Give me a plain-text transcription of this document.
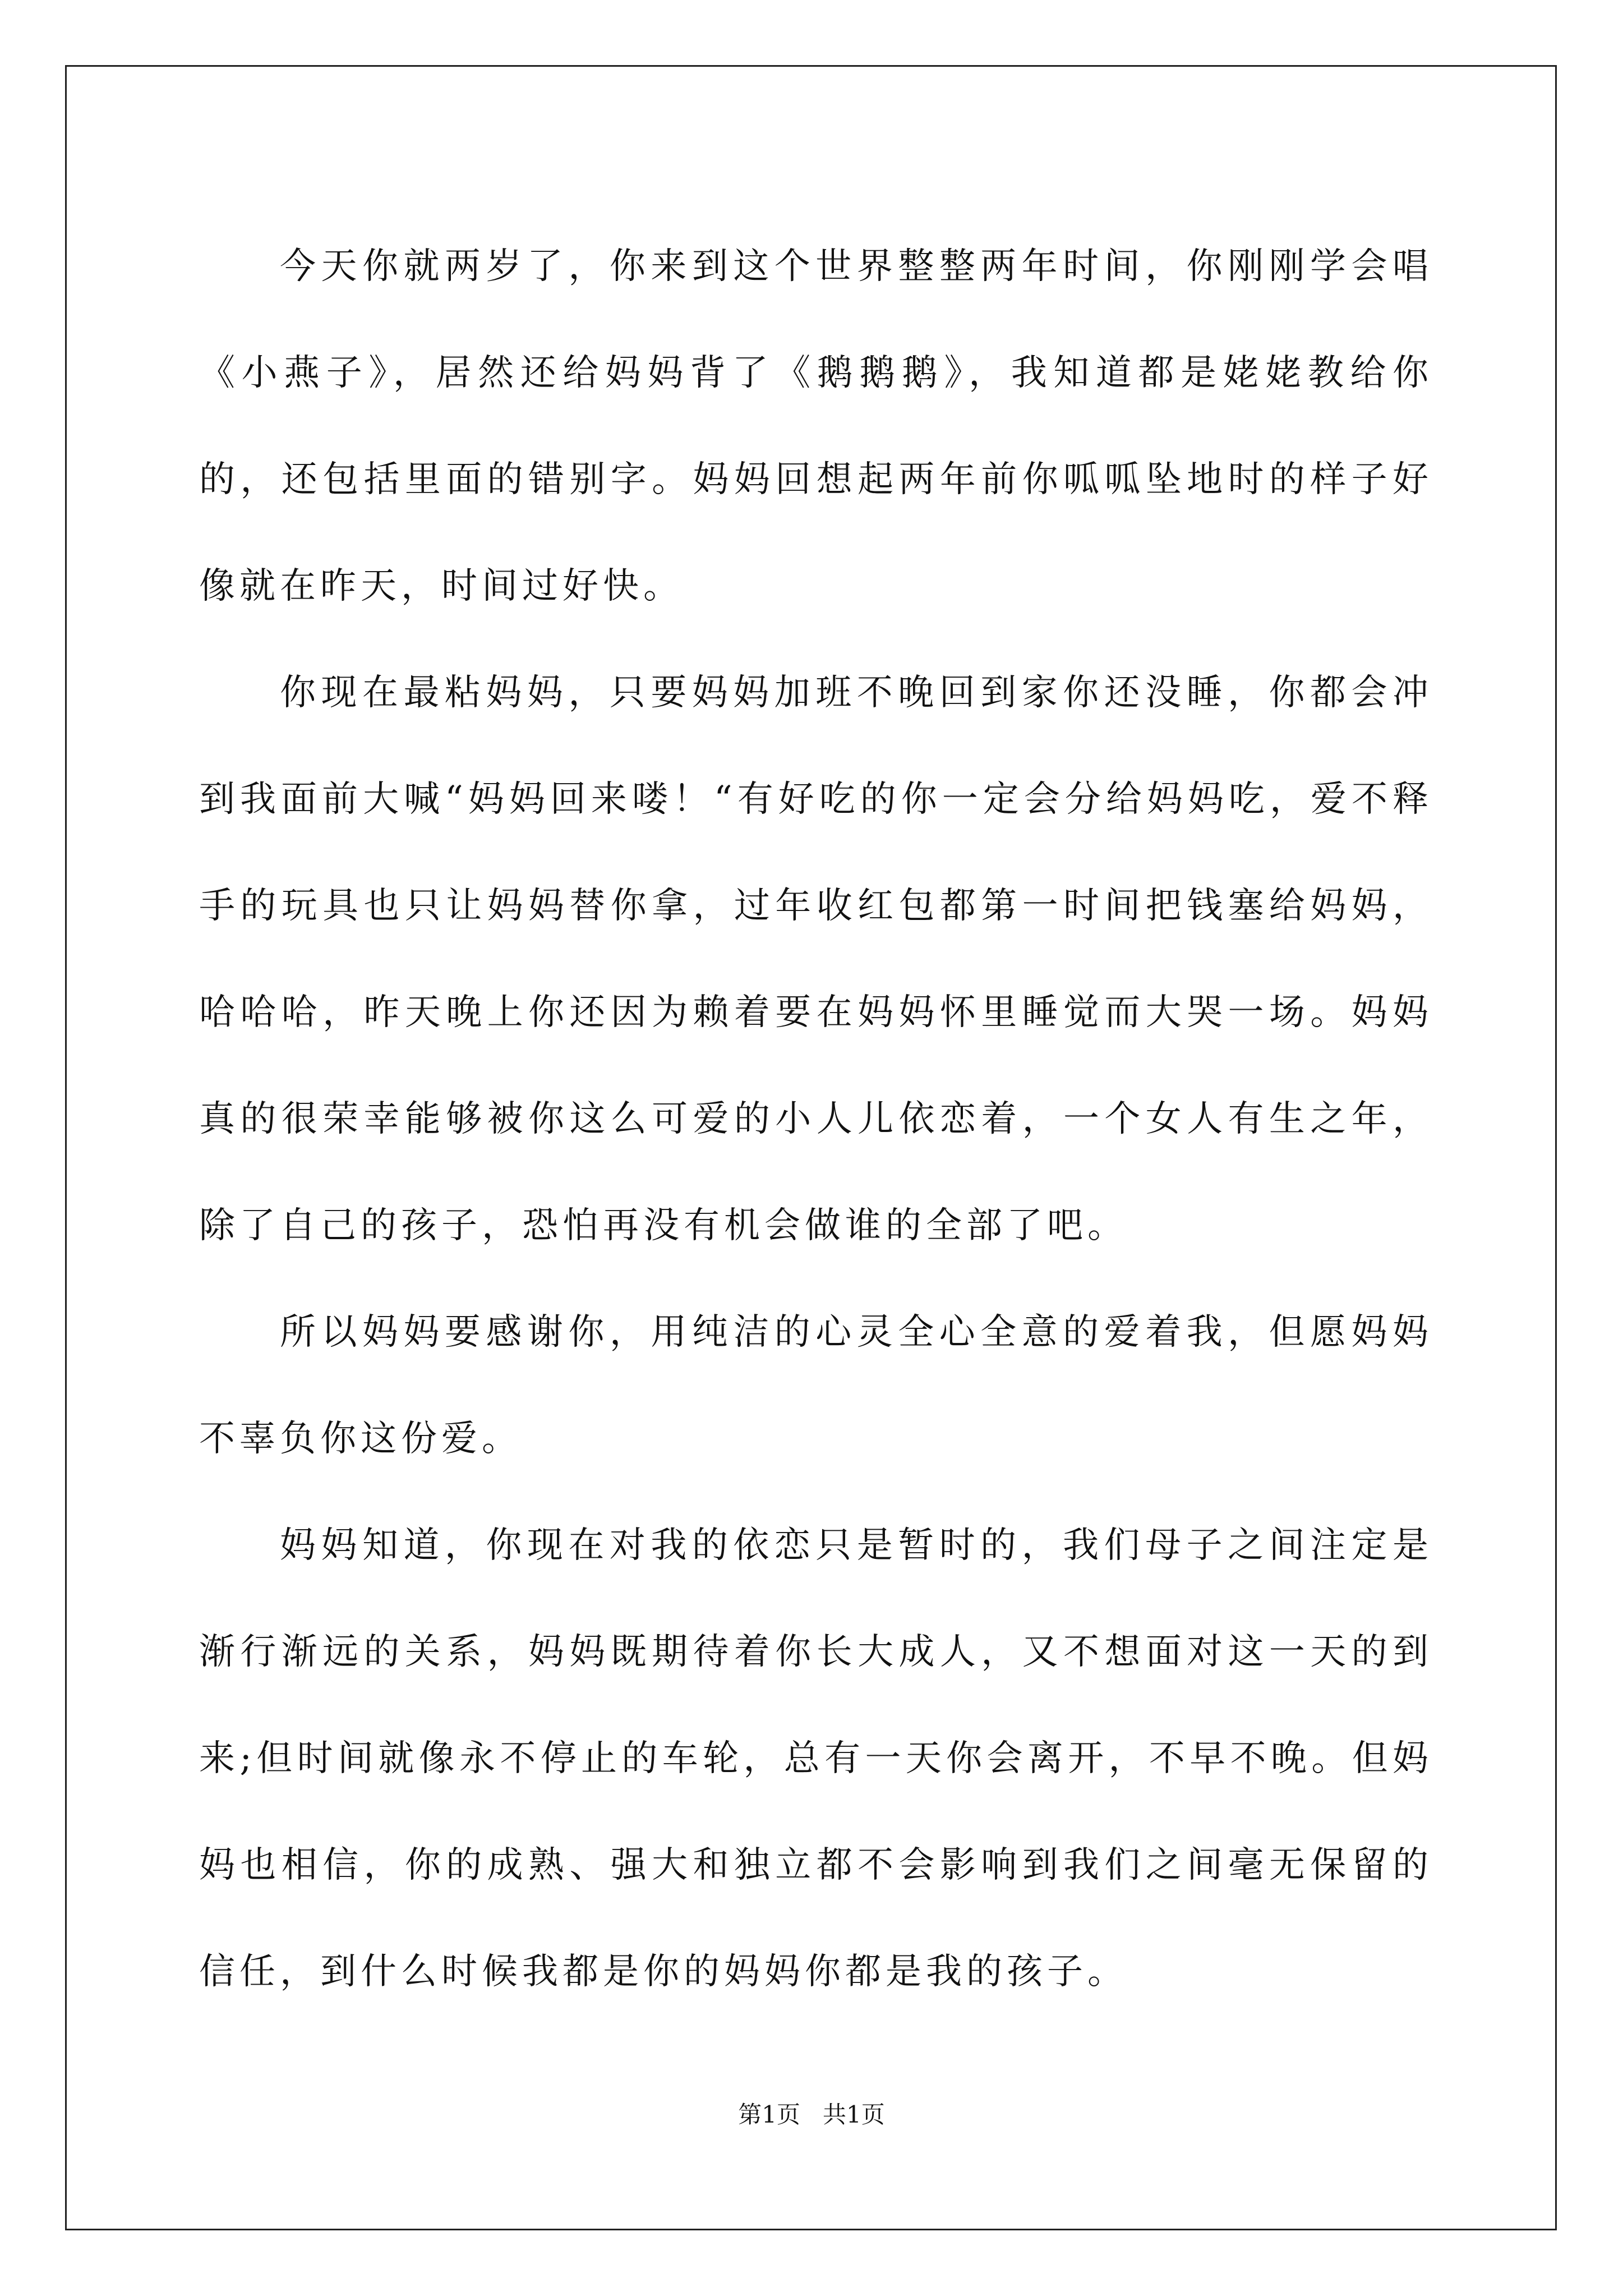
今天你就两岁了，你来到这个世界整整两年时间，你刚刚学会唱《小燕子》，居然还给妈妈背了《鹅鹅鹅》，我知道都是姥姥教给你的，还包括里面的错别字。妈妈回想起两年前你呱呱坠地时的样子好像就在昨天，时间过好快。

你现在最粘妈妈，只要妈妈加班不晚回到家你还没睡，你都会冲到我面前大喊“妈妈回来喽！“有好吃的你一定会分给妈妈吃，爱不释手的玩具也只让妈妈替你拿，过年收红包都第一时间把钱塞给妈妈，哈哈哈，昨天晚上你还因为赖着要在妈妈怀里睡觉而大哭一场。妈妈真的很荣幸能够被你这么可爱的小人儿依恋着，一个女人有生之年，除了自己的孩子，恐怕再没有机会做谁的全部了吧。

所以妈妈要感谢你，用纯洁的心灵全心全意的爱着我，但愿妈妈不辜负你这份爱。

妈妈知道，你现在对我的依恋只是暂时的，我们母子之间注定是渐行渐远的关系，妈妈既期待着你长大成人，又不想面对这一天的到来;但时间就像永不停止的车轮，总有一天你会离开，不早不晚。但妈妈也相信，你的成熟、强大和独立都不会影响到我们之间毫无保留的信任，到什么时候我都是你的妈妈你都是我的孩子。

第1页   共1页
